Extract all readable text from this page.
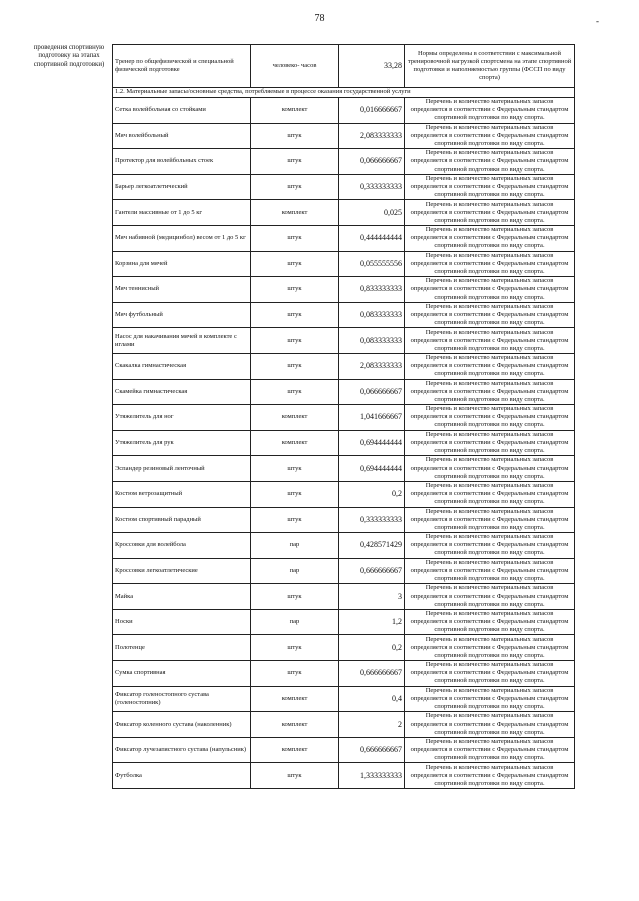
78	-
проведения спортивную подготовку на этапах спортивной подготовки)	Тренер по общефизической и специальной физической подготовке	человеко- часов	33,28	Нормы определены в соответствии с максимальной тренировочной нагрузкой спортсмена на этапе спортивной подготовки и наполняемостью группы (ФССП по виду спорта)
1.2. Материальные запасы/основные средства, потребляемые в процессе оказания государственной услуги			
Сетка волейбольная со стойками	комплект	0,016666667	Перечень и количество материальных запасов определяется в соответствии с Федеральным стандартом спортивной подготовки по виду спорта.
Мяч волейбольный	штук	2,083333333	Перечень и количество материальных запасов определяется в соответствии с Федеральным стандартом спортивной подготовки по виду спорта.
Протектор для волейбольных стоек	штук	0,066666667	Перечень и количество материальных запасов определяется в соответствии с Федеральным стандартом спортивной подготовки по виду спорта.
Барьер легкоатлетический	штук	0,333333333	Перечень и количество материальных запасов определяется в соответствии с Федеральным стандартом спортивной подготовки по виду спорта.
Гантели массивные от 1 до 5 кг	комплект	0,025	Перечень и количество материальных запасов определяется в соответствии с Федеральным стандартом спортивной подготовки по виду спорта.
Мяч набивной (медицинбол) весом от 1 до 5 кг	штук	0,444444444	Перечень и количество материальных запасов определяется в соответствии с Федеральным стандартом спортивной подготовки по виду спорта.
Корзина для мячей	штук	0,055555556	Перечень и количество материальных запасов определяется в соответствии с Федеральным стандартом спортивной подготовки по виду спорта.
Мяч теннисный	штук	0,833333333	Перечень и количество материальных запасов определяется в соответствии с Федеральным стандартом спортивной подготовки по виду спорта.
Мяч футбольный	штук	0,083333333	Перечень и количество материальных запасов определяется в соответствии с Федеральным стандартом спортивной подготовки по виду спорта.
Насос для накачивания мячей в комплекте с иглами	штук	0,083333333	Перечень и количество материальных запасов определяется в соответствии с Федеральным стандартом спортивной подготовки по виду спорта.
Скакалка гимнастическая	штук	2,083333333	Перечень и количество материальных запасов определяется в соответствии с Федеральным стандартом спортивной подготовки по виду спорта.
Скамейка гимнастическая	штук	0,066666667	Перечень и количество материальных запасов определяется в соответствии с Федеральным стандартом спортивной подготовки по виду спорта.
Утяжелитель для ног	комплект	1,041666667	Перечень и количество материальных запасов определяется в соответствии с Федеральным стандартом спортивной подготовки по виду спорта.
Утяжелитель для рук	комплект	0,694444444	Перечень и количество материальных запасов определяется в соответствии с Федеральным стандартом спортивной подготовки по виду спорта.
Эспандер резиновый ленточный	штук	0,694444444	Перечень и количество материальных запасов определяется в соответствии с Федеральным стандартом спортивной подготовки по виду спорта.
Костюм ветрозащитный	штук	0,2	Перечень и количество материальных запасов определяется в соответствии с Федеральным стандартом спортивной подготовки по виду спорта.
Костюм спортивный парадный	штук	0,333333333	Перечень и количество материальных запасов определяется в соответствии с Федеральным стандартом спортивной подготовки по виду спорта.
Кроссовки для волейбола	пар	0,428571429	Перечень и количество материальных запасов определяется в соответствии с Федеральным стандартом спортивной подготовки по виду спорта.
Кроссовки легкоатлетические	пар	0,666666667	Перечень и количество материальных запасов определяется в соответствии с Федеральным стандартом спортивной подготовки по виду спорта.
Майка	штук	3	Перечень и количество материальных запасов определяется в соответствии с Федеральным стандартом спортивной подготовки по виду спорта.
Носки	пар	1,2	Перечень и количество материальных запасов определяется в соответствии с Федеральным стандартом спортивной подготовки по виду спорта.
Полотенце	штук	0,2	Перечень и количество материальных запасов определяется в соответствии с Федеральным стандартом спортивной подготовки по виду спорта.
Сумка спортивная	штук	0,666666667	Перечень и количество материальных запасов определяется в соответствии с Федеральным стандартом спортивной подготовки по виду спорта.
Фиксатор голеностопного сустава (голеностопник)	комплект	0,4	Перечень и количество материальных запасов определяется в соответствии с Федеральным стандартом спортивной подготовки по виду спорта.
Фиксатор коленного сустава (наколенник)	комплект	2	Перечень и количество материальных запасов определяется в соответствии с Федеральным стандартом спортивной подготовки по виду спорта.
Фиксатор лучезапястного сустава (напульсник)	комплект	0,666666667	Перечень и количество материальных запасов определяется в соответствии с Федеральным стандартом спортивной подготовки по виду спорта.
Футболка	штук	1,333333333	Перечень и количество материальных запасов определяется в соответствии с Федеральным стандартом спортивной подготовки по виду спорта.
